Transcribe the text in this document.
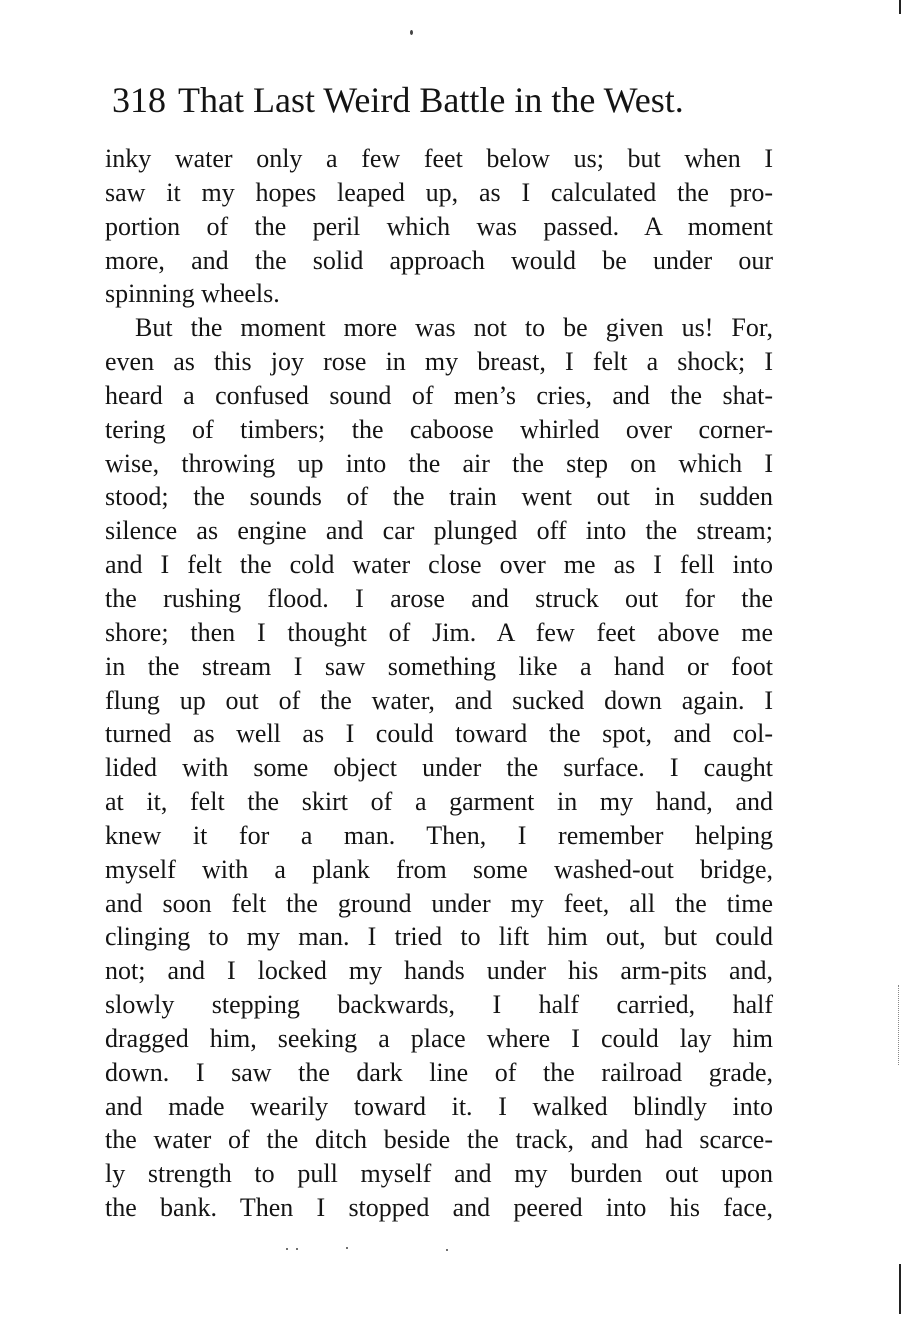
318 That Last Weird Battle in the West.
inky water only a few feet below us; but when I
saw it my hopes leaped up, as I calculated the pro-
portion of the peril which was passed. A moment
more, and the solid approach would be under our
spinning wheels.
But the moment more was not to be given us! For,
even as this joy rose in my breast, I felt a shock; I
heard a confused sound of men’s cries, and the shat-
tering of timbers; the caboose whirled over corner-
wise, throwing up into the air the step on which I
stood; the sounds of the train went out in sudden
silence as engine and car plunged off into the stream;
and I felt the cold water close over me as I fell into
the rushing flood. I arose and struck out for the
shore; then I thought of Jim. A few feet above me
in the stream I saw something like a hand or foot
flung up out of the water, and sucked down again. I
turned as well as I could toward the spot, and col-
lided with some object under the surface. I caught
at it, felt the skirt of a garment in my hand, and
knew it for a man. Then, I remember helping
myself with a plank from some washed-out bridge,
and soon felt the ground under my feet, all the time
clinging to my man. I tried to lift him out, but could
not; and I locked my hands under his arm-pits and,
slowly stepping backwards, I half carried, half
dragged him, seeking a place where I could lay him
down. I saw the dark line of the railroad grade,
and made wearily toward it. I walked blindly into
the water of the ditch beside the track, and had scarce-
ly strength to pull myself and my burden out upon
the bank. Then I stopped and peered into his face,
